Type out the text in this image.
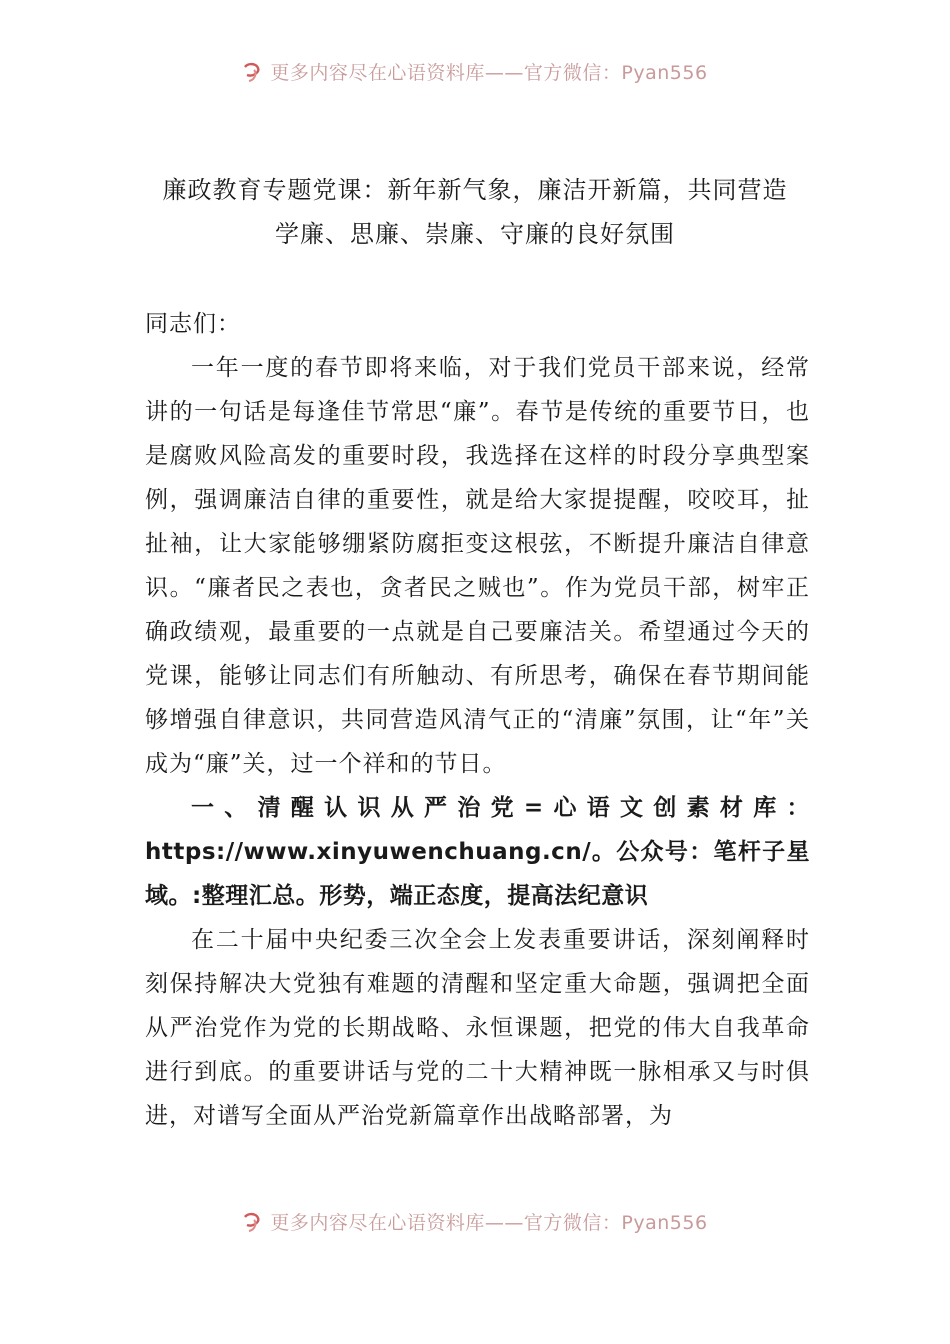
更多内容尽在心语资料库——官方微信：Pyan556
廉政教育专题党课：新年新气象，廉洁开新篇，共同营造
学廉、思廉、崇廉、守廉的良好氛围

同志们：

一年一度的春节即将来临，对于我们党员干部来说，经常讲的一句话是每逢佳节常思“廉”。春节是传统的重要节日，也是腐败风险高发的重要时段，我选择在这样的时段分享典型案例，强调廉洁自律的重要性，就是给大家提提醒，咬咬耳，扯扯袖，让大家能够绷紧防腐拒变这根弦，不断提升廉洁自律意识。“廉者民之表也，贪者民之贼也”。作为党员干部，树牢正确政绩观，最重要的一点就是自己要廉洁关。希望通过今天的党课，能够让同志们有所触动、有所思考，确保在春节期间能够增强自律意识，共同营造风清气正的“清廉”氛围，让“年”关成为“廉”关，过一个祥和的节日。

一、清醒认识从严治党=心语文创素材库：https://www.xinyuwenchuang.cn/。公众号：笔杆子星域。:整理汇总。形势，端正态度，提高法纪意识

在二十届中央纪委三次全会上发表重要讲话，深刻阐释时刻保持解决大党独有难题的清醒和坚定重大命题，强调把全面从严治党作为党的长期战略、永恒课题，把党的伟大自我革命进行到底。的重要讲话与党的二十大精神既一脉相承又与时俱进，对谱写全面从严治党新篇章作出战略部署，为

更多内容尽在心语资料库——官方微信：Pyan556
